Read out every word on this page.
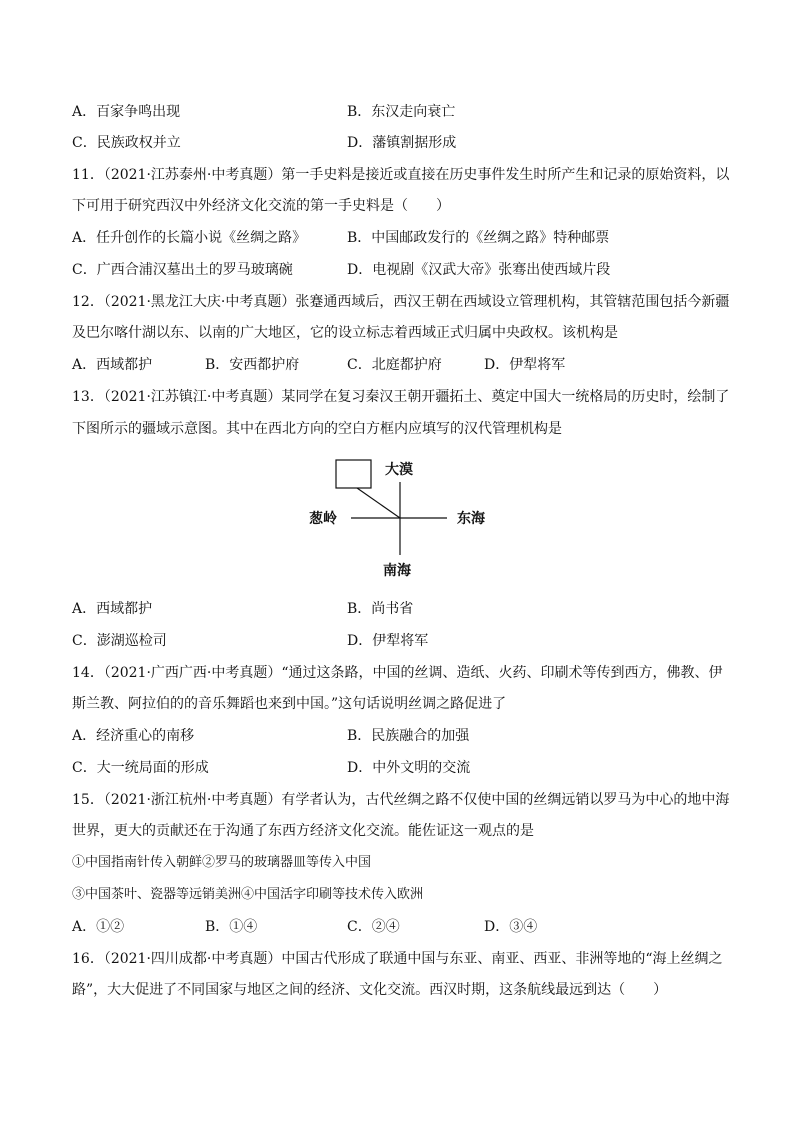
A．百家争鸣出现	B．东汉走向衰亡
C．民族政权并立	D．藩镇割据形成
11．（2021·江苏泰州·中考真题）第一手史料是接近或直接在历史事件发生时所产生和记录的原始资料，以
下可用于研究西汉中外经济文化交流的第一手史料是（　　）
A．任升创作的长篇小说《丝绸之路》	B．中国邮政发行的《丝绸之路》特种邮票
C．广西合浦汉墓出土的罗马玻璃碗	D．电视剧《汉武大帝》张骞出使西域片段
12．（2021·黑龙江大庆·中考真题）张蹇通西域后，西汉王朝在西域设立管理机构，其管辖范围包括今新疆
及巴尔喀什湖以东、以南的广大地区，它的设立标志着西域正式归属中央政权。该机构是
A．西域都护	B．安西都护府	C．北庭都护府	D．伊犁将军
13．（2021·江苏镇江·中考真题）某同学在复习秦汉王朝开疆拓土、奠定中国大一统格局的历史时，绘制了
下图所示的疆域示意图。其中在西北方向的空白方框内应填写的汉代管理机构是
大漠
葱岭	东海
南海
A．西域都护	B．尚书省
C．澎湖巡检司	D．伊犁将军
14．（2021·广西广西·中考真题）“通过这条路，中国的丝调、造纸、火药、印刷术等传到西方，佛教、伊
斯兰教、阿拉伯的的音乐舞蹈也来到中国。”这句话说明丝调之路促进了
A．经济重心的南移	B．民族融合的加强
C．大一统局面的形成	D．中外文明的交流
15．（2021·浙江杭州·中考真题）有学者认为，古代丝绸之路不仅使中国的丝绸远销以罗马为中心的地中海
世界，更大的贡献还在于沟通了东西方经济文化交流。能佐证这一观点的是
①中国指南针传入朝鲜②罗马的玻璃器皿等传入中国
③中国茶叶、瓷器等远销美洲④中国活字印刷等技术传入欧洲
A．①②	B．①④	C．②④	D．③④
16．（2021·四川成都·中考真题）中国古代形成了联通中国与东亚、南亚、西亚、非洲等地的“海上丝绸之
路”，大大促进了不同国家与地区之间的经济、文化交流。西汉时期，这条航线最远到达（　　）
